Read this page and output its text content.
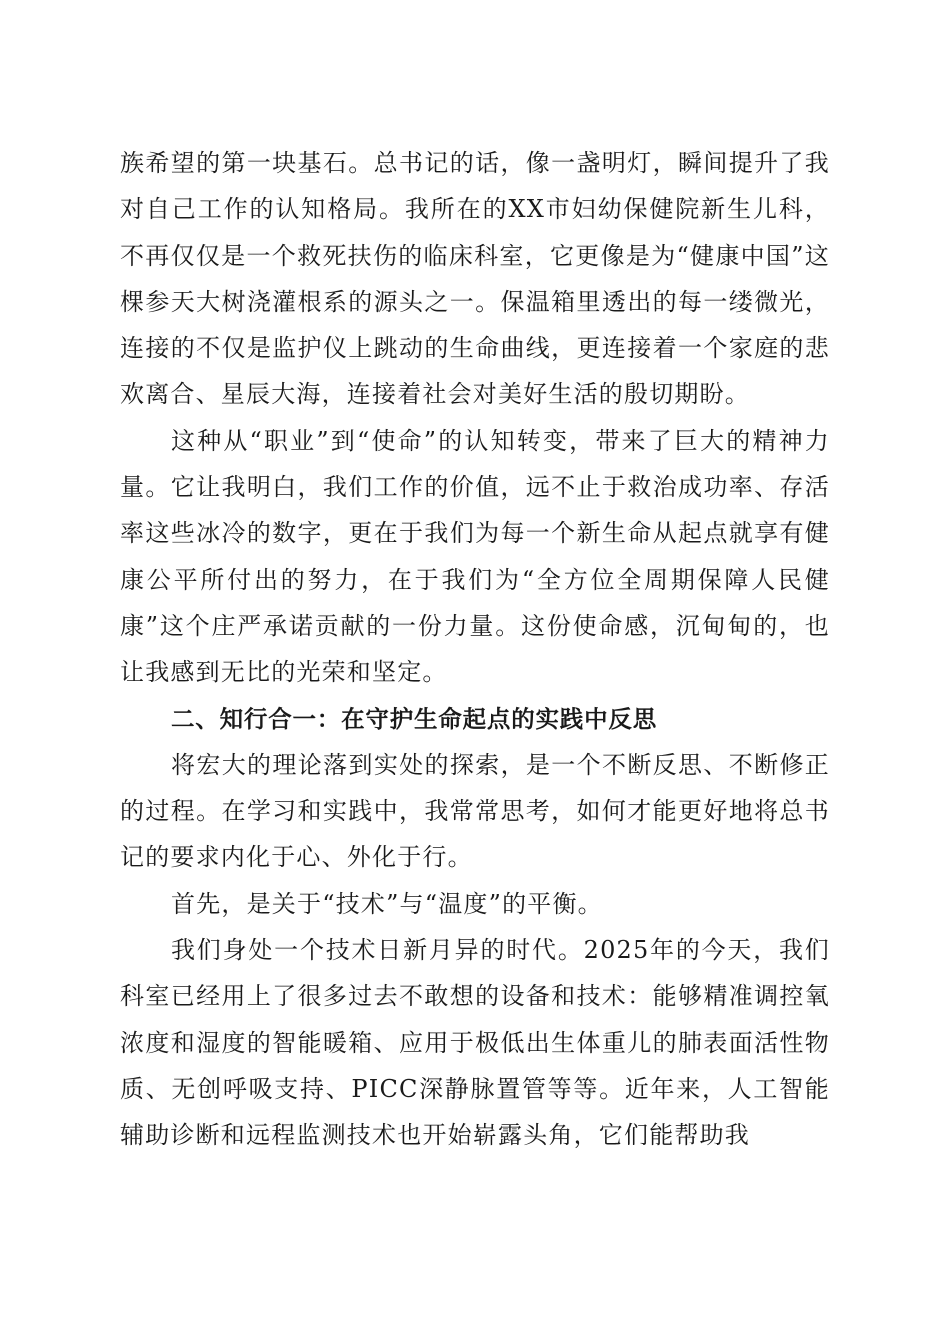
族希望的第一块基石。总书记的话，像一盏明灯，瞬间提升了我对自己工作的认知格局。我所在的XX市妇幼保健院新生儿科，不再仅仅是一个救死扶伤的临床科室，它更像是为“健康中国”这棵参天大树浇灌根系的源头之一。保温箱里透出的每一缕微光，连接的不仅是监护仪上跳动的生命曲线，更连接着一个家庭的悲欢离合、星辰大海，连接着社会对美好生活的殷切期盼。

这种从“职业”到“使命”的认知转变，带来了巨大的精神力量。它让我明白，我们工作的价值，远不止于救治成功率、存活率这些冰冷的数字，更在于我们为每一个新生命从起点就享有健康公平所付出的努力，在于我们为“全方位全周期保障人民健康”这个庄严承诺贡献的一份力量。这份使命感，沉甸甸的，也让我感到无比的光荣和坚定。

二、知行合一：在守护生命起点的实践中反思

将宏大的理论落到实处的探索，是一个不断反思、不断修正的过程。在学习和实践中，我常常思考，如何才能更好地将总书记的要求内化于心、外化于行。

首先，是关于“技术”与“温度”的平衡。

我们身处一个技术日新月异的时代。2025年的今天，我们科室已经用上了很多过去不敢想的设备和技术：能够精准调控氧浓度和湿度的智能暖箱、应用于极低出生体重儿的肺表面活性物质、无创呼吸支持、PICC深静脉置管等等。近年来，人工智能辅助诊断和远程监测技术也开始崭露头角，它们能帮助我
